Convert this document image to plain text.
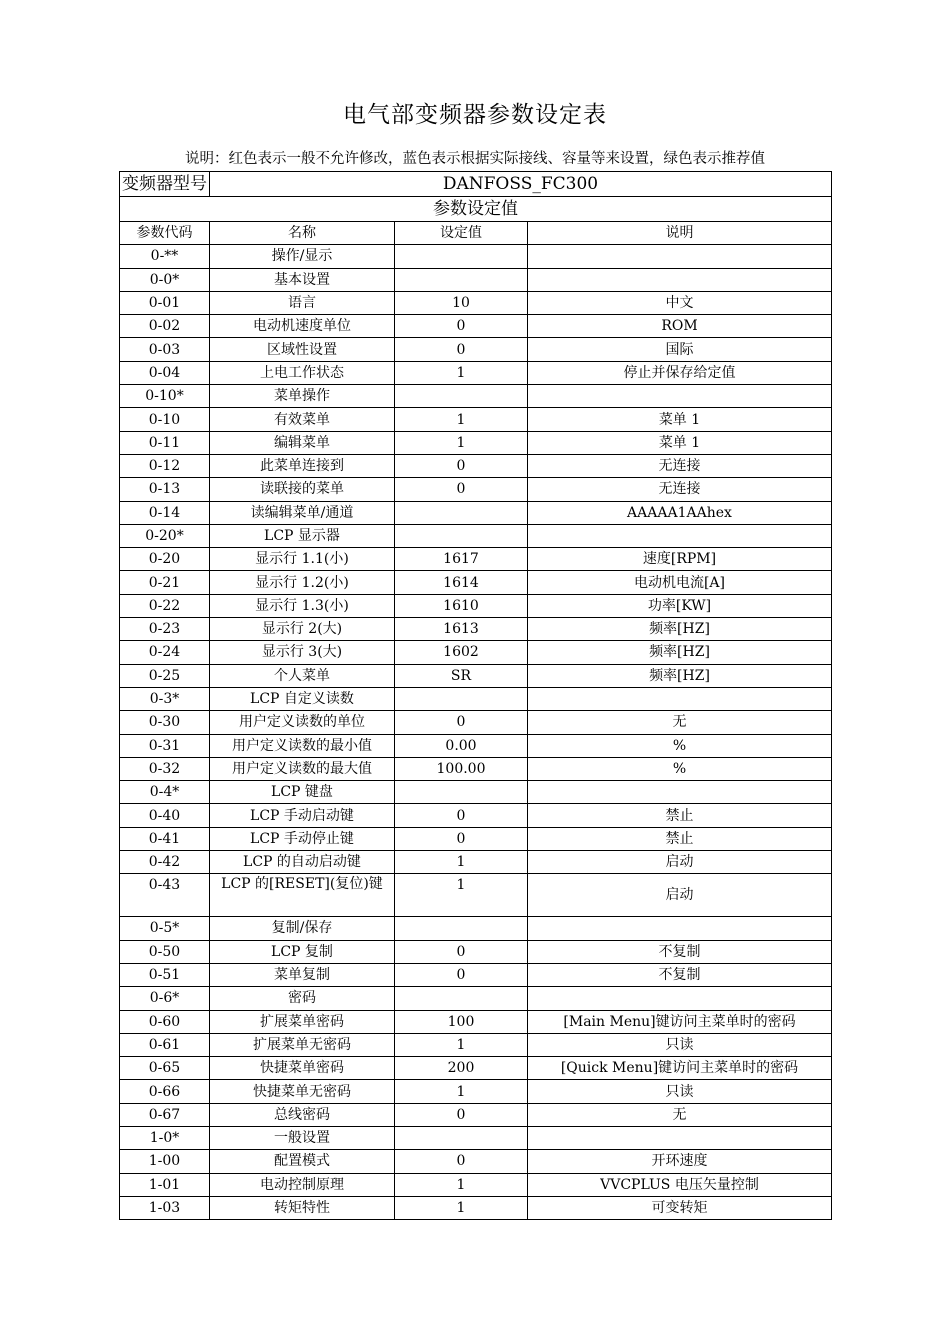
电气部变频器参数设定表
说明：红色表示一般不允许修改，蓝色表示根据实际接线、容量等来设置，绿色表示推荐值
变频器型号	DANFOSS_FC300		
参数设定值			
参数代码	名称	设定值	说明
0-**	操作/显示		
0-0*	基本设置		
0-01	语言	10	中文
0-02	电动机速度单位	0	ROM
0-03	区域性设置	0	国际
0-04	上电工作状态	1	停止并保存给定值
0-10*	菜单操作		
0-10	有效菜单	1	菜单 1
0-11	编辑菜单	1	菜单 1
0-12	此菜单连接到	0	无连接
0-13	读联接的菜单	0	无连接
0-14	读编辑菜单/通道		AAAAA1AAhex
0-20*	LCP 显示器		
0-20	显示行 1.1(小)	1617	速度[RPM]
0-21	显示行 1.2(小)	1614	电动机电流[A]
0-22	显示行 1.3(小)	1610	功率[KW]
0-23	显示行 2(大)	1613	频率[HZ]
0-24	显示行 3(大)	1602	频率[HZ]
0-25	个人菜单	SR	频率[HZ]
0-3*	LCP 自定义读数		
0-30	用户定义读数的单位	0	无
0-31	用户定义读数的最小值	0.00	%
0-32	用户定义读数的最大值	100.00	%
0-4*	LCP 键盘		
0-40	LCP 手动启动键	0	禁止
0-41	LCP 手动停止键	0	禁止
0-42	LCP 的自动启动键	1	启动
0-43	LCP 的[RESET](复位)键	1	启动
0-5*	复制/保存		
0-50	LCP 复制	0	不复制
0-51	菜单复制	0	不复制
0-6*	密码		
0-60	扩展菜单密码	100	[Main Menu]键访问主菜单时的密码
0-61	扩展菜单无密码	1	只读
0-65	快捷菜单密码	200	[Quick Menu]键访问主菜单时的密码
0-66	快捷菜单无密码	1	只读
0-67	总线密码	0	无
1-0*	一般设置		
1-00	配置模式	0	开环速度
1-01	电动控制原理	1	VVCPLUS 电压矢量控制
1-03	转矩特性	1	可变转矩
